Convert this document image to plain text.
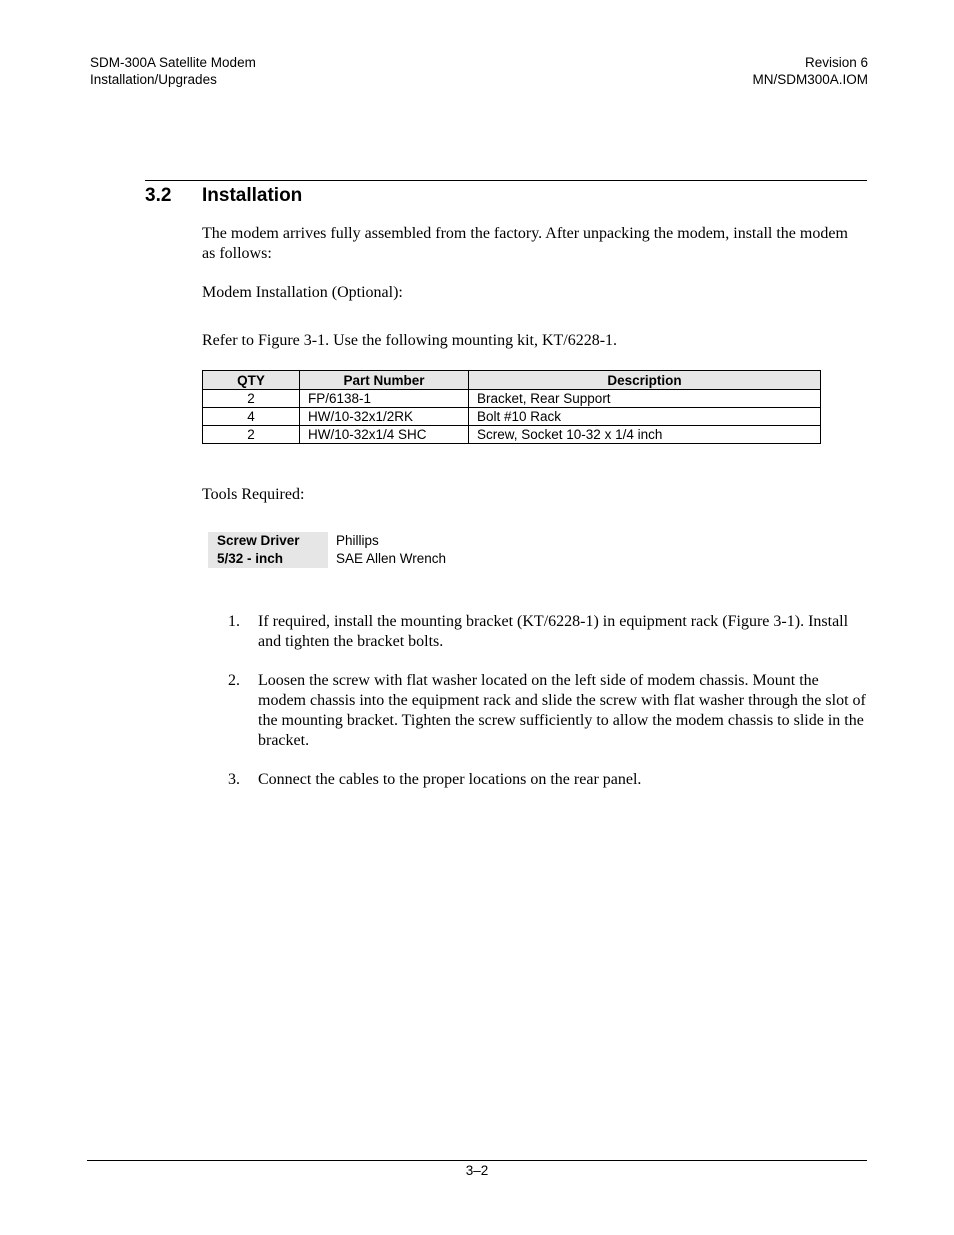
SDM-300A Satellite Modem
Installation/Upgrades
Revision 6
MN/SDM300A.IOM
3.2 Installation

The modem arrives fully assembled from the factory. After unpacking the modem, install the modem as follows:

Modem Installation (Optional):

Refer to Figure 3-1. Use the following mounting kit, KT/6228-1.

QTY	Part Number	Description
2	FP/6138-1	Bracket, Rear Support
4	HW/10-32x1/2RK	Bolt #10 Rack
2	HW/10-32x1/4 SHC	Screw, Socket 10-32 x 1/4 inch

Tools Required:

Screw Driver	Phillips
5/32 - inch	SAE Allen Wrench
1.	If required, install the mounting bracket (KT/6228-1) in equipment rack (Figure 3-1). Install and tighten the bracket bolts.
2.	Loosen the screw with flat washer located on the left side of modem chassis. Mount the modem chassis into the equipment rack and slide the screw with flat washer through the slot of the mounting bracket. Tighten the screw sufficiently to allow the modem chassis to slide in the bracket.
3.	Connect the cables to the proper locations on the rear panel.
3–2
